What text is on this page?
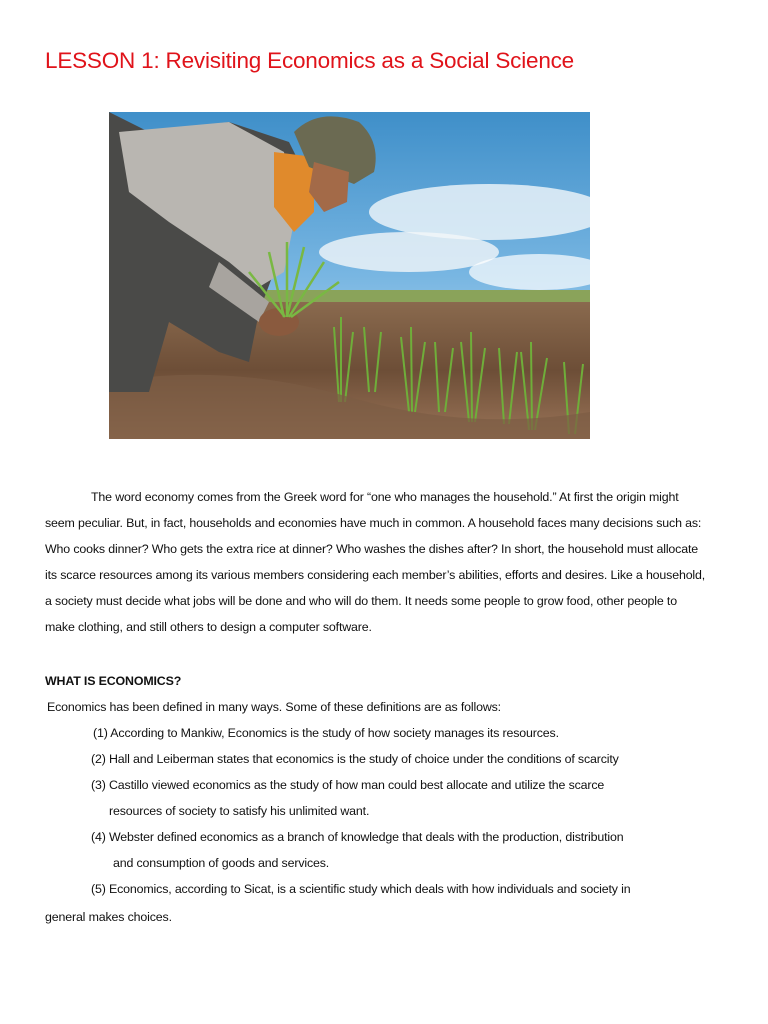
LESSON 1: Revisiting Economics as a Social Science
The word economy comes from the Greek word for “one who manages the household.” At first the origin might
seem peculiar. But, in fact, households and economies have much in common. A household faces many decisions such as:
Who cooks dinner? Who gets the extra rice at dinner? Who washes the dishes after? In short, the household must allocate
its scarce resources among its various members considering each member’s abilities, efforts and desires. Like a household,
a society must decide what jobs will be done and who will do them. It needs some people to grow food, other people to
make clothing, and still others to design a computer software.
WHAT IS ECONOMICS?
Economics has been defined in many ways. Some of these definitions are as follows:
(1) According to Mankiw, Economics is the study of how society manages its resources.
(2) Hall and Leiberman states that economics is the study of choice under the conditions of scarcity
(3) Castillo viewed economics as the study of how man could best allocate and utilize the scarce
resources of society to satisfy his unlimited want.
(4) Webster defined economics as a branch of knowledge that deals with the production, distribution
and consumption of goods and services.
(5) Economics, according to Sicat, is a scientific study which deals with how individuals and society in
general makes choices.
